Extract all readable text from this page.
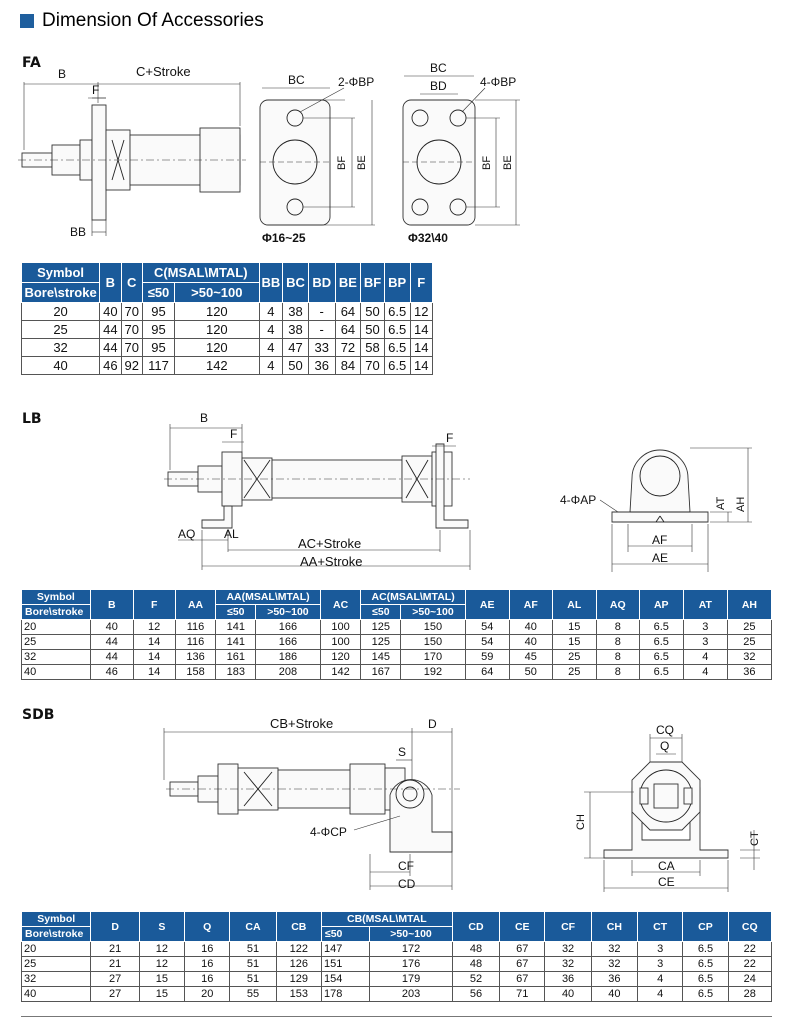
Dimension Of Accessories
FA
LB
SDB
B	C+Stroke
F
BB
BC	2-ΦBP
BF BE
Φ16~25
BC
BD	4-ΦBP
BF BE
Φ32\40
Symbol	B	C	C(MSAL\MTAL)		BB	BC	BD	BE	BF	BP	F
Bore\stroke			≤50	>50~100							
20	40	70	95	120	4	38	-	64	50	6.5	12
25	44	70	95	120	4	38	-	64	50	6.5	14
32	44	70	95	120	4	47	33	72	58	6.5	14
40	46	92	117	142	4	50	36	84	70	6.5	14
B
F	F
AQ AL
AC+Stroke
AA+Stroke
4-ΦAP
AF
AE
AT AH
Symbol	B	F	AA	AA(MSAL\MTAL)		AC	AC(MSAL\MTAL)		AE	AF	AL	AQ	AP	AT	AH
Bore\stroke				≤50	>50~100		≤50	>50~100							
20	40	12	116	141	166	100	125	150	54	40	15	8	6.5	3	25
25	44	14	116	141	166	100	125	150	54	40	15	8	6.5	3	25
32	44	14	136	161	186	120	145	170	59	45	25	8	6.5	4	32
40	46	14	158	183	208	142	167	192	64	50	25	8	6.5	4	36
CB+Stroke	D
S
4-ΦCP
CF
CD
CQ
Q
CH
CT
CA
CE
Symbol	D	S	Q	CA	CB	CB(MSAL\MTAL		CD	CE	CF	CH	CT	CP	CQ
Bore\stroke						≤50	>50~100							
20	21	12	16	51	122	147	172	48	67	32	32	3	6.5	22
25	21	12	16	51	126	151	176	48	67	32	32	3	6.5	22
32	27	15	16	51	129	154	179	52	67	36	36	4	6.5	24
40	27	15	20	55	153	178	203	56	71	40	40	4	6.5	28
